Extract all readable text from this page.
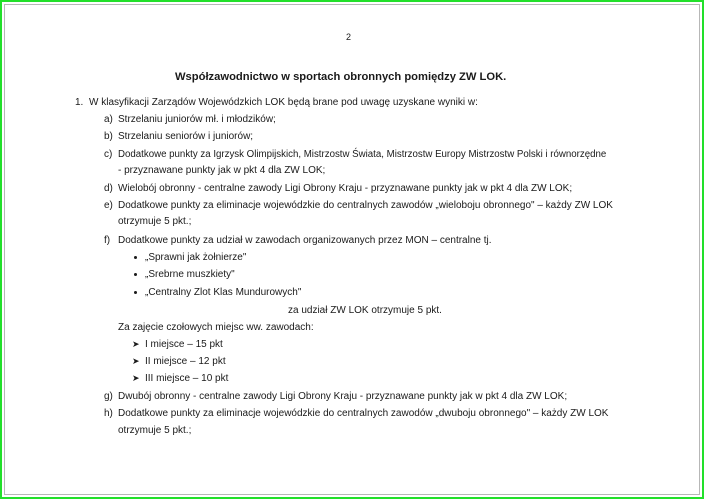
2
Współzawodnictwo w sportach obronnych pomiędzy ZW LOK.
1. W klasyfikacji Zarządów Wojewódzkich LOK będą brane pod uwagę uzyskane wyniki w:
a) Strzelaniu juniorów mł. i młodzików;
b) Strzelaniu seniorów i juniorów;
c) Dodatkowe punkty za Igrzysk Olimpijskich, Mistrzostw Świata, Mistrzostw Europy Mistrzostw Polski i równorzędne
- przyznawane punkty jak w pkt 4 dla ZW LOK;
d) Wielobój obronny - centralne zawody Ligi Obrony Kraju - przyznawane punkty jak w pkt 4 dla ZW LOK;
e) Dodatkowe punkty za eliminacje wojewódzkie do centralnych zawodów „wieloboju obronnego" – każdy ZW LOK
otrzymuje 5 pkt.;
f) Dodatkowe punkty za udział w zawodach organizowanych przez MON – centralne tj.
„Sprawni jak żołnierze"
„Srebrne muszkiety"
„Centralny Zlot Klas Mundurowych"
za udział ZW LOK otrzymuje 5 pkt.
Za zajęcie czołowych miejsc ww. zawodach:
➤ I miejsce – 15 pkt
➤ II miejsce – 12 pkt
➤ III miejsce – 10 pkt
g) Dwubój obronny - centralne zawody Ligi Obrony Kraju - przyznawane punkty jak w pkt 4 dla ZW LOK;
h) Dodatkowe punkty za eliminacje wojewódzkie do centralnych zawodów „dwuboju obronnego" – każdy ZW LOK
otrzymuje 5 pkt.;
